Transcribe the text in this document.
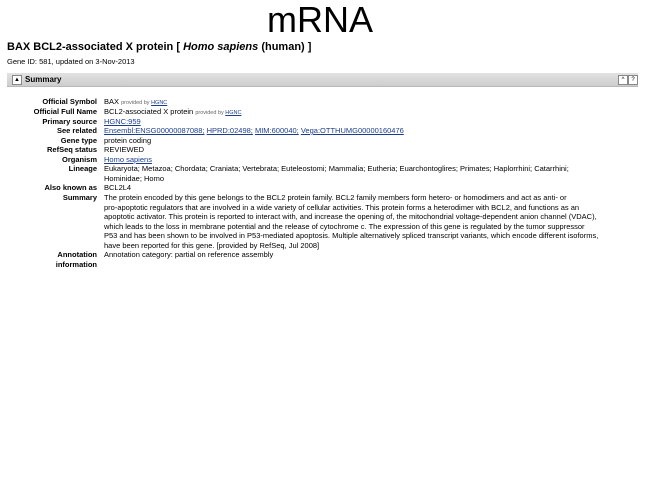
mRNA
BAX BCL2-associated X protein [ Homo sapiens (human) ]
Gene ID: 581, updated on 3-Nov-2013
▲ Summary	^	?
Official Symbol BAX provided by HGNC
Official Full Name BCL2-associated X protein provided by HGNC
Primary source HGNC:959
See related Ensembl:ENSG00000087088; HPRD:02498; MIM:600040; Vega:OTTHUMG00000160476
Gene type protein coding
RefSeq status REVIEWED
Organism Homo sapiens
Lineage Eukaryota; Metazoa; Chordata; Craniata; Vertebrata; Euteleostomi; Mammalia; Eutheria; Euarchontoglires; Primates; Haplorrhini; Catarrhini;
Hominidae; Homo
Also known as BCL2L4
Summary The protein encoded by this gene belongs to the BCL2 protein family. BCL2 family members form hetero- or homodimers and act as anti- or
pro-apoptotic regulators that are involved in a wide variety of cellular activities. This protein forms a heterodimer with BCL2, and functions as an
apoptotic activator. This protein is reported to interact with, and increase the opening of, the mitochondrial voltage-dependent anion channel (VDAC),
which leads to the loss in membrane potential and the release of cytochrome c. The expression of this gene is regulated by the tumor suppressor
P53 and has been shown to be involved in P53-mediated apoptosis. Multiple alternatively spliced transcript variants, which encode different isoforms,
have been reported for this gene. [provided by RefSeq, Jul 2008]
Annotation
information
Annotation category: partial on reference assembly
